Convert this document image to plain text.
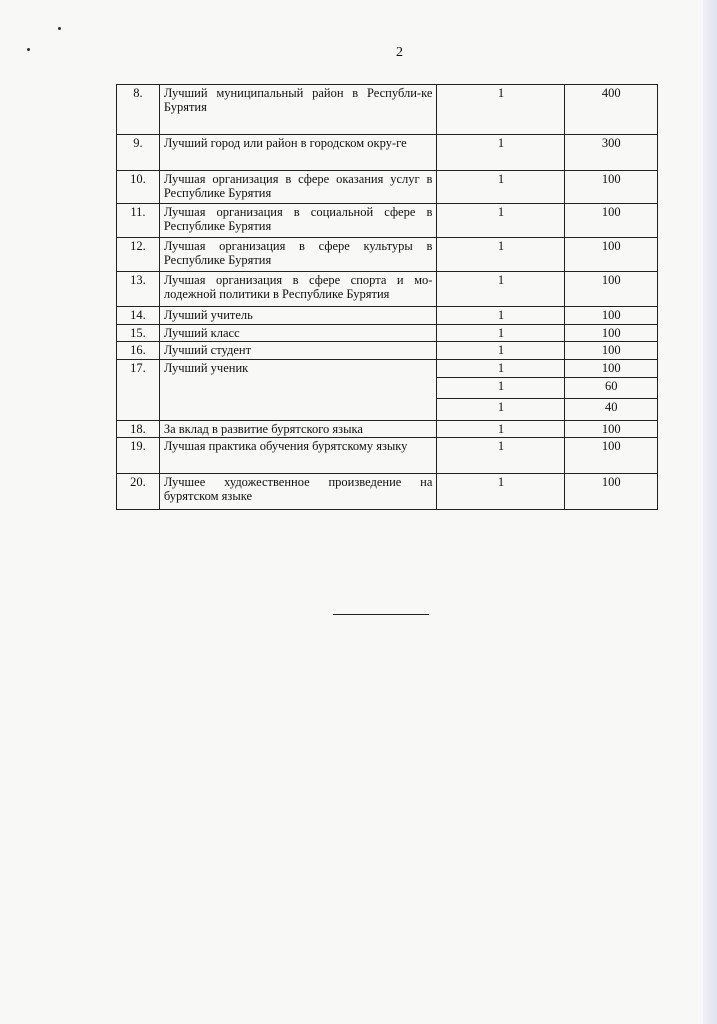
2
8.	Лучший муниципальный район в Республи-ке Бурятия	1	400
9.	Лучший город или район в городском окру-ге	1	300
10.	Лучшая организация в сфере оказания услуг в Республике Бурятия	1	100
11.	Лучшая организация в социальной сфере в Республике Бурятия	1	100
12.	Лучшая организация в сфере культуры в Республике Бурятия	1	100
13.	Лучшая организация в сфере спорта и мо-лодежной политики в Республике Бурятия	1	100
14.	Лучший учитель	1	100
15.	Лучший класс	1	100
16.	Лучший студент	1	100
17.	Лучший ученик	1	100
		1	60
		1	40
18.	За вклад в развитие бурятского языка	1	100
19.	Лучшая практика обучения бурятскому языку	1	100
20.	Лучшее художественное произведение на бурятском языке	1	100
